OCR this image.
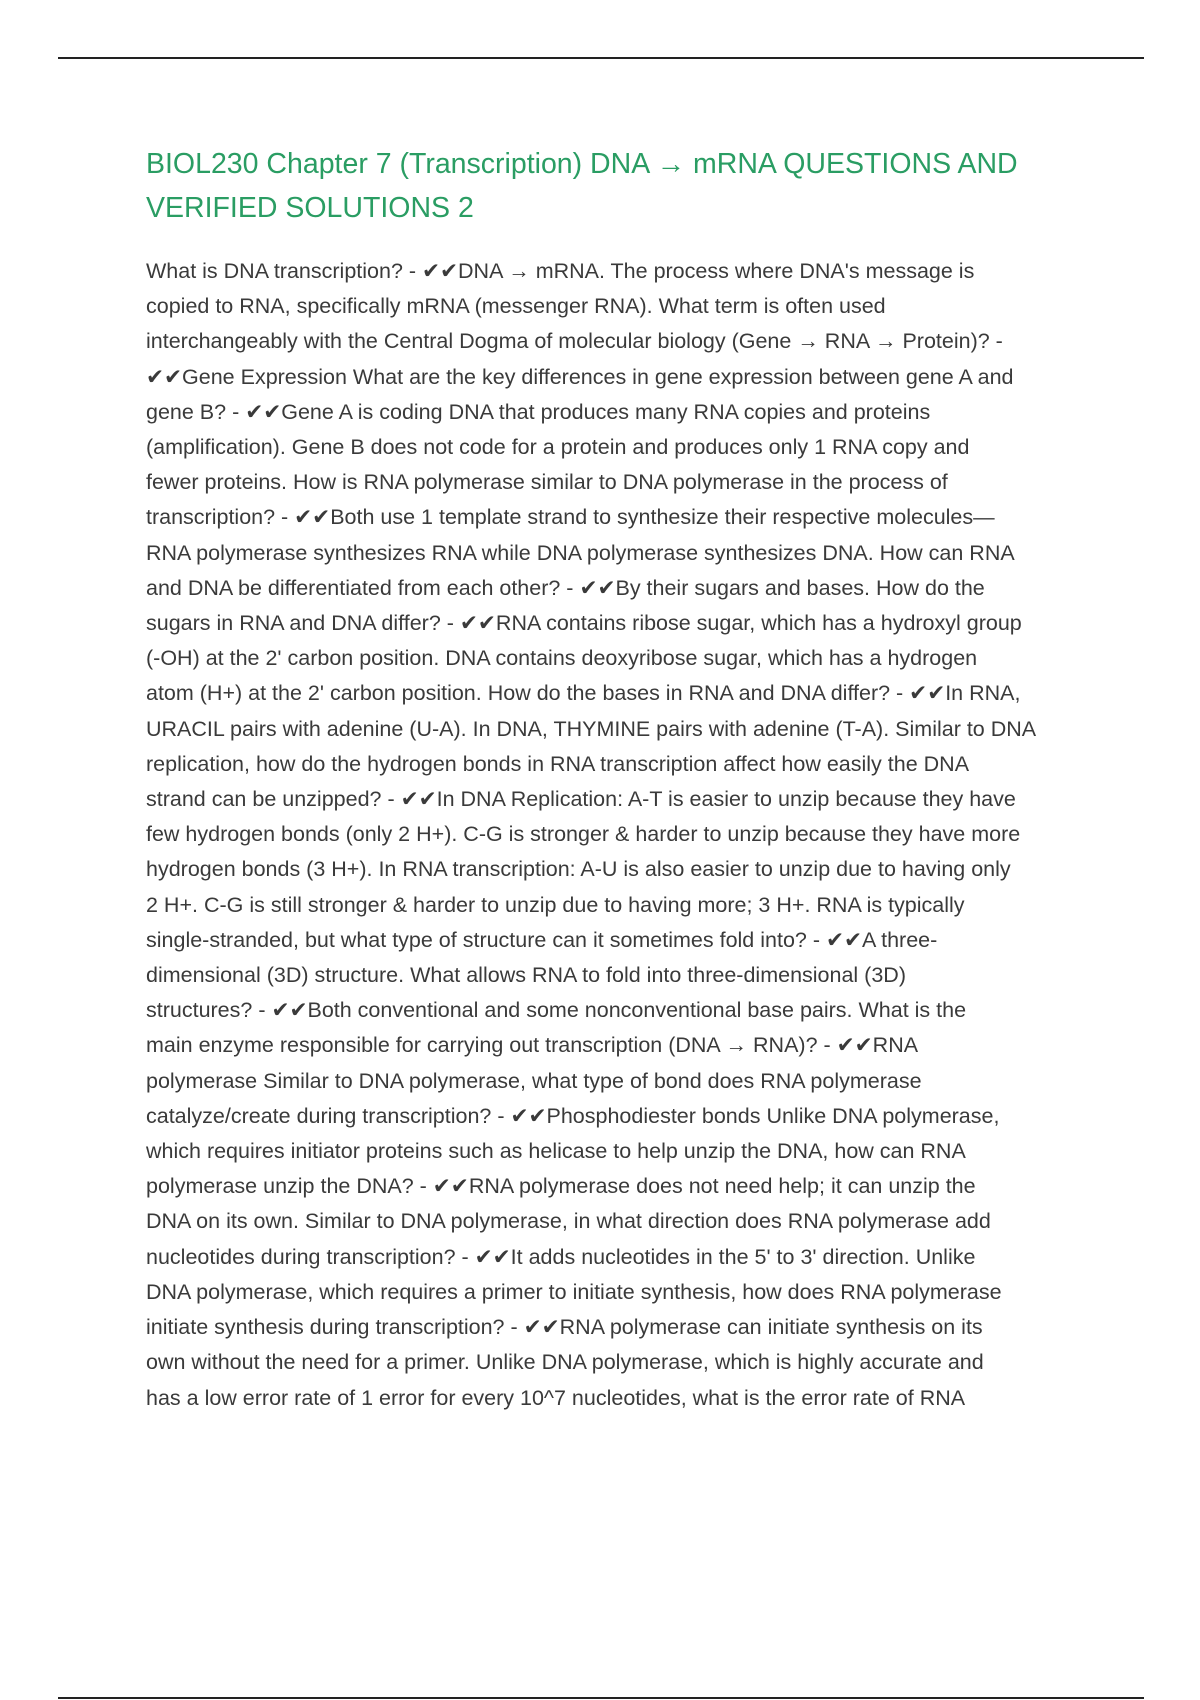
BIOL230 Chapter 7 (Transcription) DNA → mRNA QUESTIONS AND
VERIFIED SOLUTIONS 2
What is DNA transcription? - ✔✔DNA → mRNA. The process where DNA's message is
copied to RNA, specifically mRNA (messenger RNA). What term is often used
interchangeably with the Central Dogma of molecular biology (Gene → RNA → Protein)? -
✔✔Gene Expression What are the key differences in gene expression between gene A and
gene B? - ✔✔Gene A is coding DNA that produces many RNA copies and proteins
(amplification). Gene B does not code for a protein and produces only 1 RNA copy and
fewer proteins. How is RNA polymerase similar to DNA polymerase in the process of
transcription? - ✔✔Both use 1 template strand to synthesize their respective molecules—
RNA polymerase synthesizes RNA while DNA polymerase synthesizes DNA. How can RNA
and DNA be differentiated from each other? - ✔✔By their sugars and bases. How do the
sugars in RNA and DNA differ? - ✔✔RNA contains ribose sugar, which has a hydroxyl group
(-OH) at the 2' carbon position. DNA contains deoxyribose sugar, which has a hydrogen
atom (H+) at the 2' carbon position. How do the bases in RNA and DNA differ? - ✔✔In RNA,
URACIL pairs with adenine (U-A). In DNA, THYMINE pairs with adenine (T-A). Similar to DNA
replication, how do the hydrogen bonds in RNA transcription affect how easily the DNA
strand can be unzipped? - ✔✔In DNA Replication: A-T is easier to unzip because they have
few hydrogen bonds (only 2 H+). C-G is stronger & harder to unzip because they have more
hydrogen bonds (3 H+). In RNA transcription: A-U is also easier to unzip due to having only
2 H+. C-G is still stronger & harder to unzip due to having more; 3 H+. RNA is typically
single-stranded, but what type of structure can it sometimes fold into? - ✔✔A three-
dimensional (3D) structure. What allows RNA to fold into three-dimensional (3D)
structures? - ✔✔Both conventional and some nonconventional base pairs. What is the
main enzyme responsible for carrying out transcription (DNA → RNA)? - ✔✔RNA
polymerase Similar to DNA polymerase, what type of bond does RNA polymerase
catalyze/create during transcription? - ✔✔Phosphodiester bonds Unlike DNA polymerase,
which requires initiator proteins such as helicase to help unzip the DNA, how can RNA
polymerase unzip the DNA? - ✔✔RNA polymerase does not need help; it can unzip the
DNA on its own. Similar to DNA polymerase, in what direction does RNA polymerase add
nucleotides during transcription? - ✔✔It adds nucleotides in the 5' to 3' direction. Unlike
DNA polymerase, which requires a primer to initiate synthesis, how does RNA polymerase
initiate synthesis during transcription? - ✔✔RNA polymerase can initiate synthesis on its
own without the need for a primer. Unlike DNA polymerase, which is highly accurate and
has a low error rate of 1 error for every 10^7 nucleotides, what is the error rate of RNA
